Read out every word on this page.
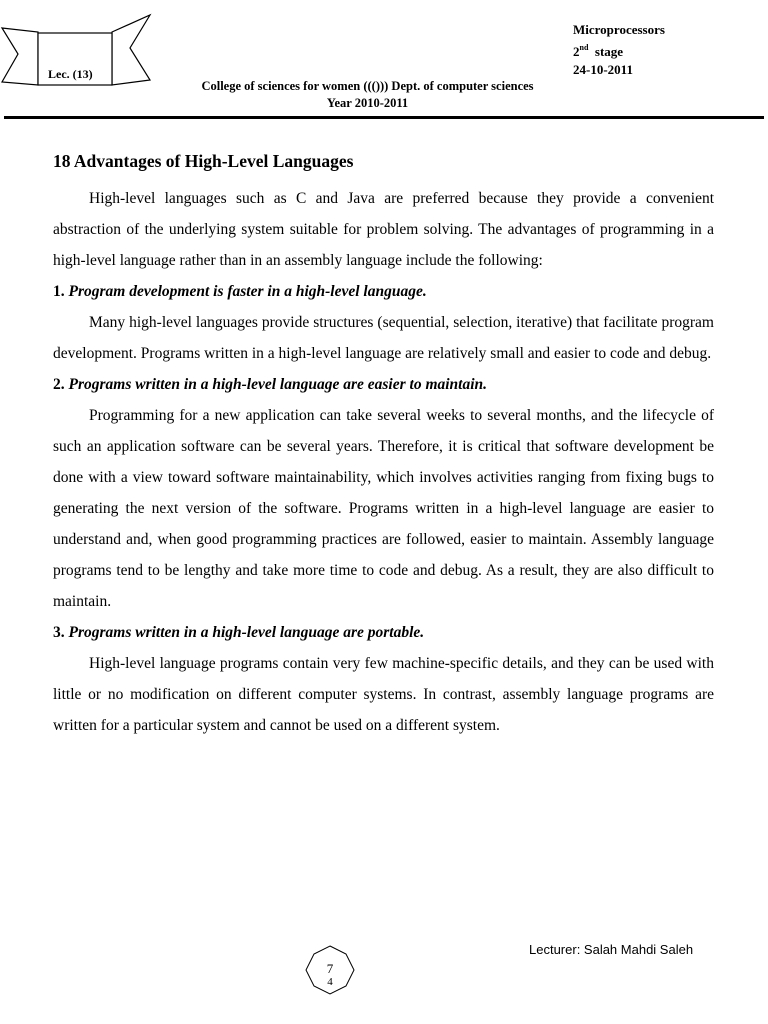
Lec. (13)
Microprocessors
2nd stage
24-10-2011
College of sciences for women ((())) Dept. of computer sciences
Year 2010-2011
18 Advantages of High-Level Languages

High-level languages such as C and Java are preferred because they provide a convenient abstraction of the underlying system suitable for problem solving. The advantages of programming in a high-level language rather than in an assembly language include the following:

1. Program development is faster in a high-level language.

Many high-level languages provide structures (sequential, selection, iterative) that facilitate program development. Programs written in a high-level language are relatively small and easier to code and debug.

2. Programs written in a high-level language are easier to maintain.

Programming for a new application can take several weeks to several months, and the lifecycle of such an application software can be several years. Therefore, it is critical that software development be done with a view toward software maintainability, which involves activities ranging from fixing bugs to generating the next version of the software. Programs written in a high-level language are easier to understand and, when good programming practices are followed, easier to maintain. Assembly language programs tend to be lengthy and take more time to code and debug. As a result, they are also difficult to maintain.

3. Programs written in a high-level language are portable.

High-level language programs contain very few machine-specific details, and they can be used with little or no modification on different computer systems. In contrast, assembly language programs are written for a particular system and cannot be used on a different system.

Lecturer: Salah Mahdi Saleh
7
4
